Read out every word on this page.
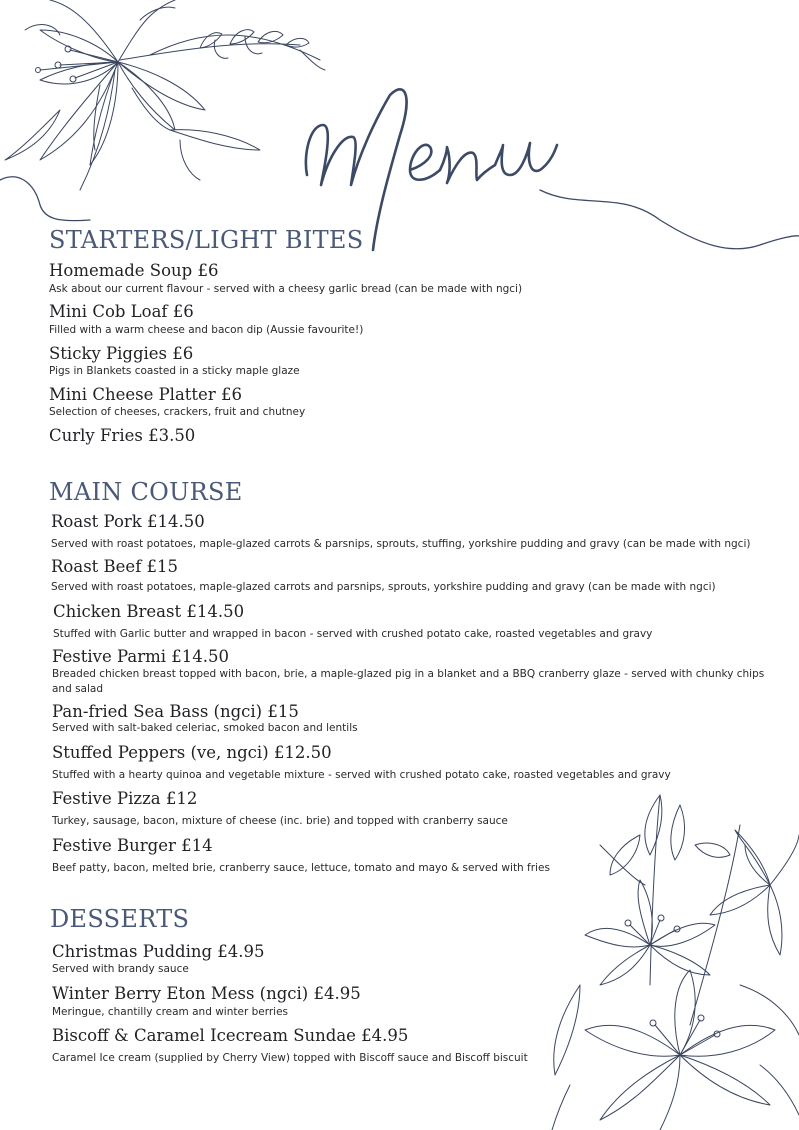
STARTERS/LIGHT BITES
Homemade Soup £6
Ask about our current flavour - served with a cheesy garlic bread (can be made with ngci)
Mini Cob Loaf £6
Filled with a warm cheese and bacon dip (Aussie favourite!)
Sticky Piggies £6
Pigs in Blankets coasted in a sticky maple glaze
Mini Cheese Platter £6
Selection of cheeses, crackers, fruit and chutney
Curly Fries £3.50
MAIN COURSE
Roast Pork £14.50
Served with roast potatoes, maple-glazed carrots & parsnips, sprouts, stuffing, yorkshire pudding and gravy (can be made with ngci)
Roast Beef £15
Served with roast potatoes, maple-glazed carrots and parsnips, sprouts, yorkshire pudding and gravy (can be made with ngci)
Chicken Breast £14.50
Stuffed with Garlic butter and wrapped in bacon - served with crushed potato cake, roasted vegetables and gravy
Festive Parmi £14.50
Breaded chicken breast topped with bacon, brie, a maple-glazed pig in a blanket and a BBQ cranberry glaze - served with chunky chips and salad
Pan-fried Sea Bass (ngci) £15
Served with salt-baked celeriac, smoked bacon and lentils
Stuffed Peppers (ve, ngci) £12.50
Stuffed with a hearty quinoa and vegetable mixture - served with crushed potato cake, roasted vegetables and gravy
Festive Pizza £12
Turkey, sausage, bacon, mixture of cheese (inc. brie) and topped with cranberry sauce
Festive Burger £14
Beef patty, bacon, melted brie, cranberry sauce, lettuce, tomato and mayo & served with fries
DESSERTS
Christmas Pudding £4.95
Served with brandy sauce
Winter Berry Eton Mess (ngci) £4.95
Meringue, chantilly cream and winter berries
Biscoff & Caramel Icecream Sundae £4.95
Caramel Ice cream (supplied by Cherry View) topped with Biscoff sauce and Biscoff biscuit
